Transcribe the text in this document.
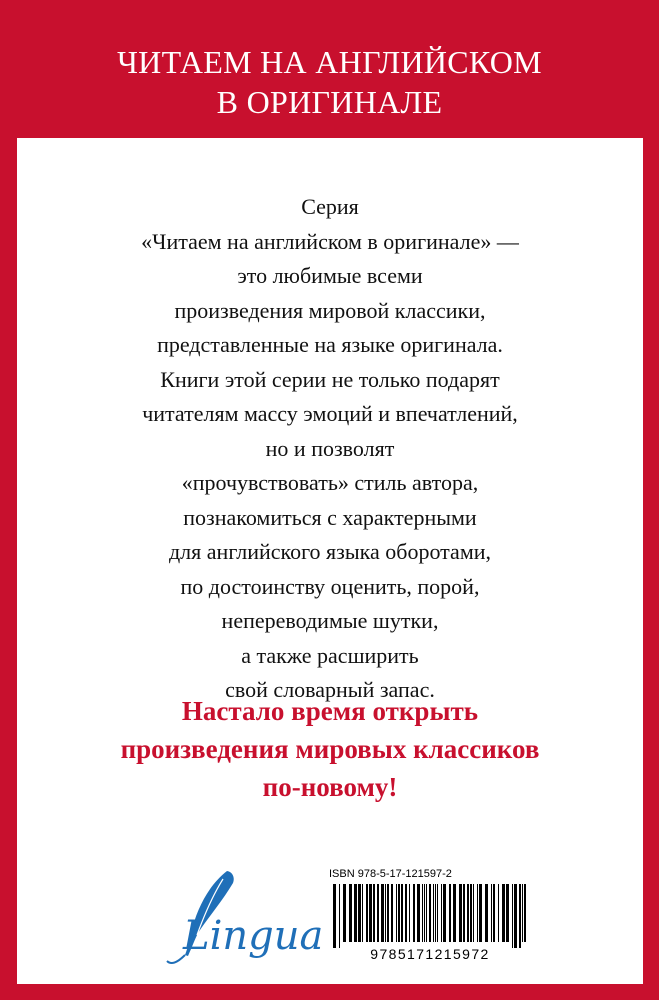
ЧИТАЕМ НА АНГЛИЙСКОМ
В ОРИГИНАЛЕ
Серия
«Читаем на английском в оригинале» —
это любимые всеми
произведения мировой классики,
представленные на языке оригинала.
Книги этой серии не только подарят
читателям массу эмоций и впечатлений,
но и позволят
«прочувствовать» стиль автора,
познакомиться с характерными
для английского языка оборотами,
по достоинству оценить, порой,
непереводимые шутки,
а также расширить
свой словарный запас.
Настало время открыть
произведения мировых классиков
по-новому!
Lingua
ISBN 978-5-17-121597-2
9785171215972
